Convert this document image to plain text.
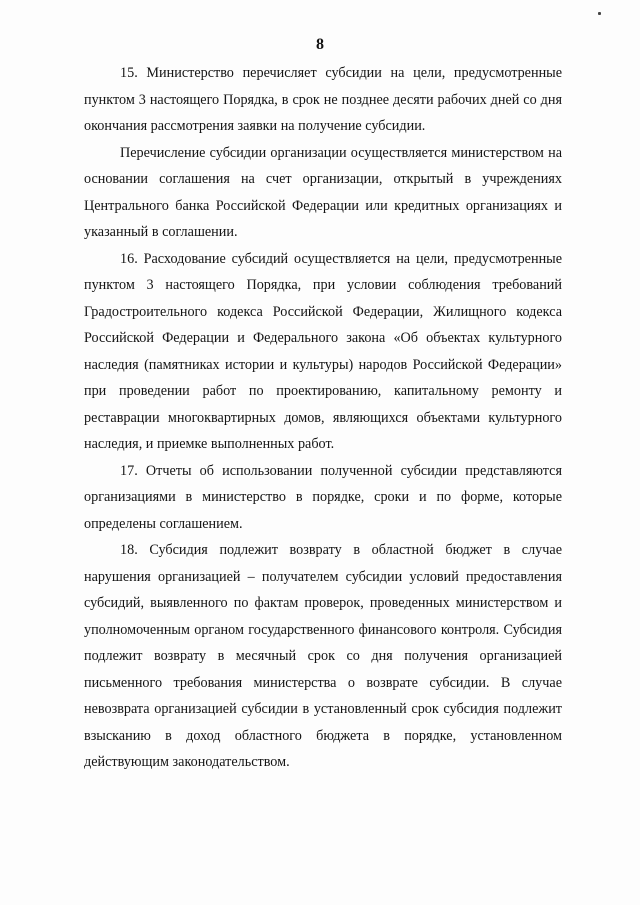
8

15. Министерство перечисляет субсидии на цели, предусмотренные пунктом 3 настоящего Порядка, в срок не позднее десяти рабочих дней со дня окончания рассмотрения заявки на получение субсидии.

Перечисление субсидии организации осуществляется министерством на основании соглашения на счет организации, открытый в учреждениях Центрального банка Российской Федерации или кредитных организациях и указанный в соглашении.

16. Расходование субсидий осуществляется на цели, предусмотренные пунктом 3 настоящего Порядка, при условии соблюдения требований Градостроительного кодекса Российской Федерации, Жилищного кодекса Российской Федерации и Федерального закона «Об объектах культурного наследия (памятниках истории и культуры) народов Российской Федерации» при проведении работ по проектированию, капитальному ремонту и реставрации многоквартирных домов, являющихся объектами культурного наследия, и приемке выполненных работ.

17. Отчеты об использовании полученной субсидии представляются организациями в министерство в порядке, сроки и по форме, которые определены соглашением.

18. Субсидия подлежит возврату в областной бюджет в случае нарушения организацией – получателем субсидии условий предоставления субсидий, выявленного по фактам проверок, проведенных министерством и уполномоченным органом государственного финансового контроля. Субсидия подлежит возврату в месячный срок со дня получения организацией письменного требования министерства о возврате субсидии. В случае невозврата организацией субсидии в установленный срок субсидия подлежит взысканию в доход областного бюджета в порядке, установленном действующим законодательством.
